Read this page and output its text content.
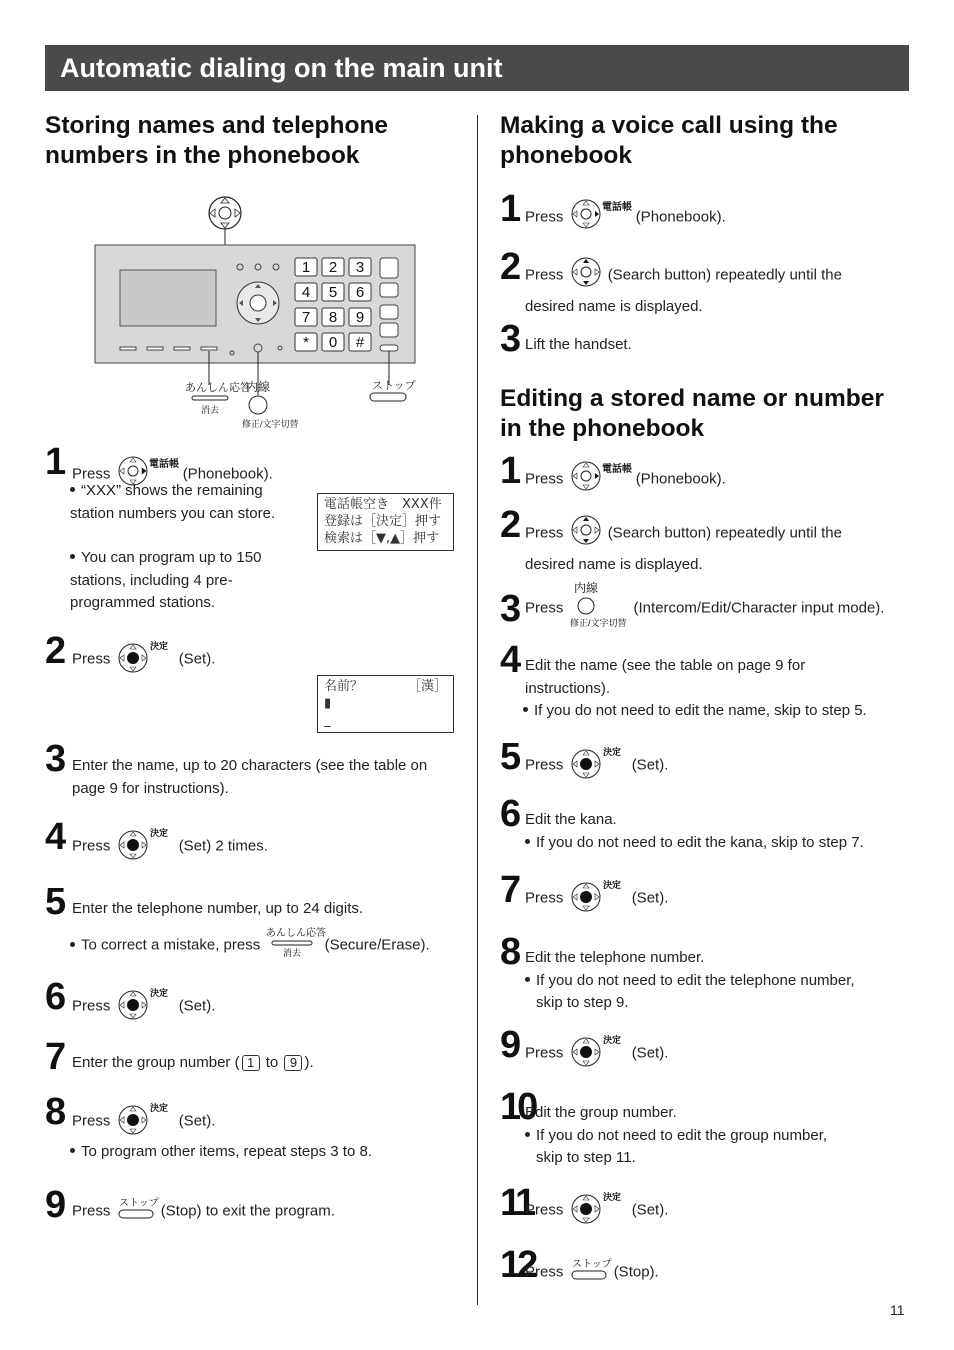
Automatic dialing on the main unit
Storing names and telephone numbers in the phonebook
1 2 3
4 5 6
7 8 9
* 0 #
あんしん応答
消去
内線
修正/文字切替
ストップ
1 Press
電話帳
(Phonebook).
“XXX” shows the remaining station numbers you can store.
You can program up to 150 stations, including 4 pre-programmed stations.
電話帳空き　XXX件
登録は［決定］押す
検索は［▼,▲］押す
2 Press
決定
(Set).
名前？	［漢］
▮
_
3 Enter the name, up to 20 characters (see the table on page 9 for instructions).
4 Press
決定
(Set) 2 times.
5 Enter the telephone number, up to 24 digits.
To correct a mistake, press
あんしん応答
消去 (Secure/Erase).
6 Press
決定
(Set).
7 Enter the group number ( 1 to 9 ).
8 Press
決定
(Set).
To program other items, repeat steps 3 to 8.
9 Press ストップ (Stop) to exit the program.
Making a voice call using the phonebook
1 Press
電話帳
(Phonebook).
2 Press	(Search button) repeatedly until the
desired name is displayed.
3 Lift the handset.
Editing a stored name or number in the phonebook
1 Press
電話帳
(Phonebook).
2 Press	(Search button) repeatedly until the
desired name is displayed.
3 Press
内線
修正/文字切替
(Intercom/Edit/Character input mode).
4 Edit the name (see the table on page 9 for
instructions).
If you do not need to edit the name, skip to step 5.
5 Press
決定
(Set).
6 Edit the kana.
If you do not need to edit the kana, skip to step 7.
7 Press
決定
(Set).
8 Edit the telephone number.
If you do not need to edit the telephone number,
skip to step 9.
9 Press
決定
(Set).
10
Edit the group number.
If you do not need to edit the group number,
skip to step 11.
11
Press
決定
(Set).
12
Press ストップ (Stop).
11
